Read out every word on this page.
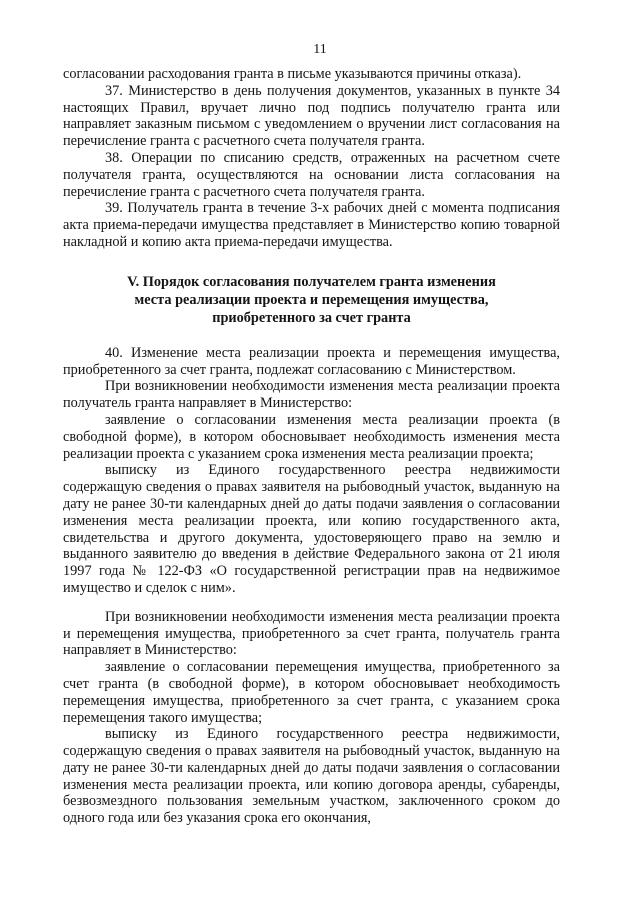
11

согласовании расходования гранта в письме указываются причины отказа).

37. Министерство в день получения документов, указанных в пункте 34 настоящих Правил, вручает лично под подпись получателю гранта или направляет заказным письмом с уведомлением о вручении лист согласования на перечисление гранта с расчетного счета получателя гранта.

38. Операции по списанию средств, отраженных на расчетном счете получателя гранта, осуществляются на основании листа согласования на перечисление гранта с расчетного счета получателя гранта.

39. Получатель гранта в течение 3-х рабочих дней с момента подписания акта приема-передачи имущества представляет в Министерство копию товарной накладной и копию акта приема-передачи имущества.

V. Порядок согласования получателем гранта изменения
места реализации проекта и перемещения имущества,
приобретенного за счет гранта

40. Изменение места реализации проекта и перемещения имущества, приобретенного за счет гранта, подлежат согласованию с Министерством.

При возникновении необходимости изменения места реализации проекта получатель гранта направляет в Министерство:

заявление о согласовании изменения места реализации проекта (в свободной форме), в котором обосновывает необходимость изменения места реализации проекта с указанием срока изменения места реализации проекта;

выписку из Единого государственного реестра недвижимости содержащую сведения о правах заявителя на рыбоводный участок, выданную на дату не ранее 30-ти календарных дней до даты подачи заявления о согласовании изменения места реализации проекта, или копию государственного акта, свидетельства и другого документа, удостоверяющего право на землю и выданного заявителю до введения в действие Федерального закона от 21 июля 1997 года № 122-ФЗ «О государственной регистрации прав на недвижимое имущество и сделок с ним».

При возникновении необходимости изменения места реализации проекта и перемещения имущества, приобретенного за счет гранта, получатель гранта направляет в Министерство:

заявление о согласовании перемещения имущества, приобретенного за счет гранта (в свободной форме), в котором обосновывает необходимость перемещения имущества, приобретенного за счет гранта, с указанием срока перемещения такого имущества;

выписку из Единого государственного реестра недвижимости, содержащую сведения о правах заявителя на рыбоводный участок, выданную на дату не ранее 30-ти календарных дней до даты подачи заявления о согласовании изменения места реализации проекта, или копию договора аренды, субаренды, безвозмездного пользования земельным участком, заключенного сроком до одного года или без указания срока его окончания,
